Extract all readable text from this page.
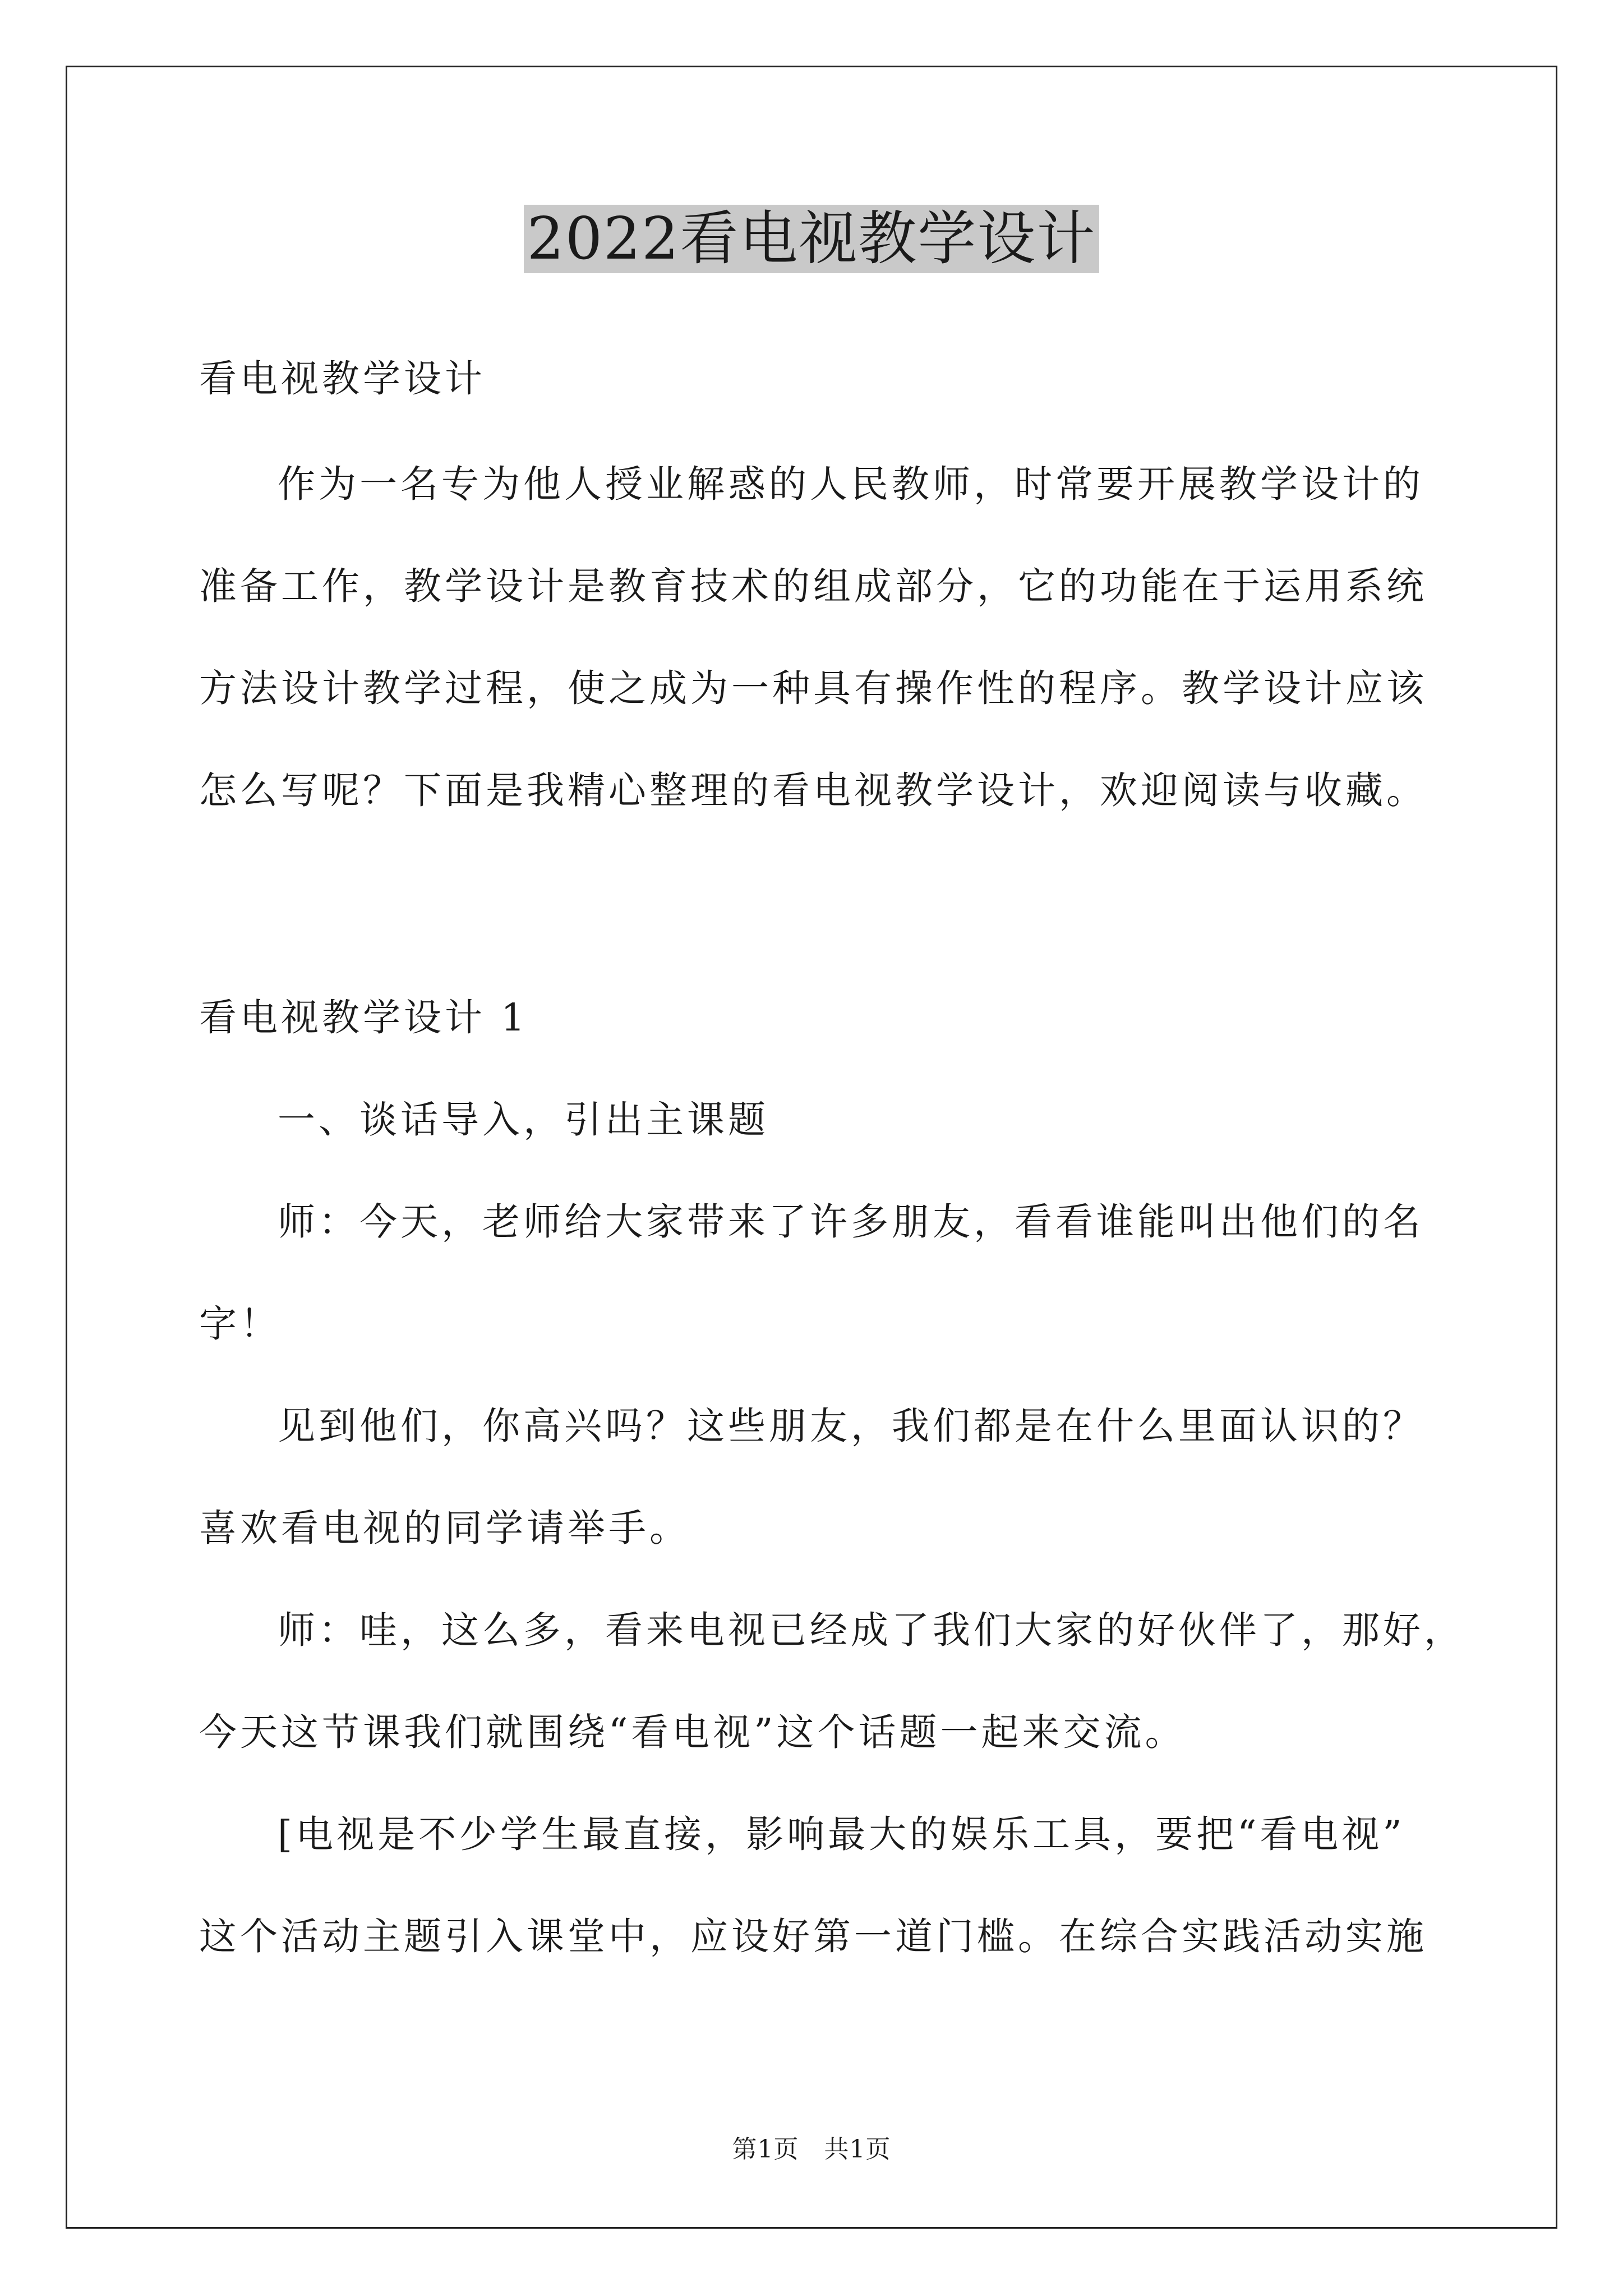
2022看电视教学设计

看电视教学设计

作为一名专为他人授业解惑的人民教师，时常要开展教学设计的

准备工作，教学设计是教育技术的组成部分，它的功能在于运用系统

方法设计教学过程，使之成为一种具有操作性的程序。教学设计应该

怎么写呢？下面是我精心整理的看电视教学设计，欢迎阅读与收藏。

看电视教学设计 1

一、谈话导入，引出主课题

师：今天，老师给大家带来了许多朋友，看看谁能叫出他们的名

字！

见到他们，你高兴吗？这些朋友，我们都是在什么里面认识的？

喜欢看电视的同学请举手。

师：哇，这么多，看来电视已经成了我们大家的好伙伴了，那好，

今天这节课我们就围绕“看电视”这个话题一起来交流。

[电视是不少学生最直接，影响最大的娱乐工具，要把“看电视”

这个活动主题引入课堂中，应设好第一道门槛。在综合实践活动实施

第1页　共1页
